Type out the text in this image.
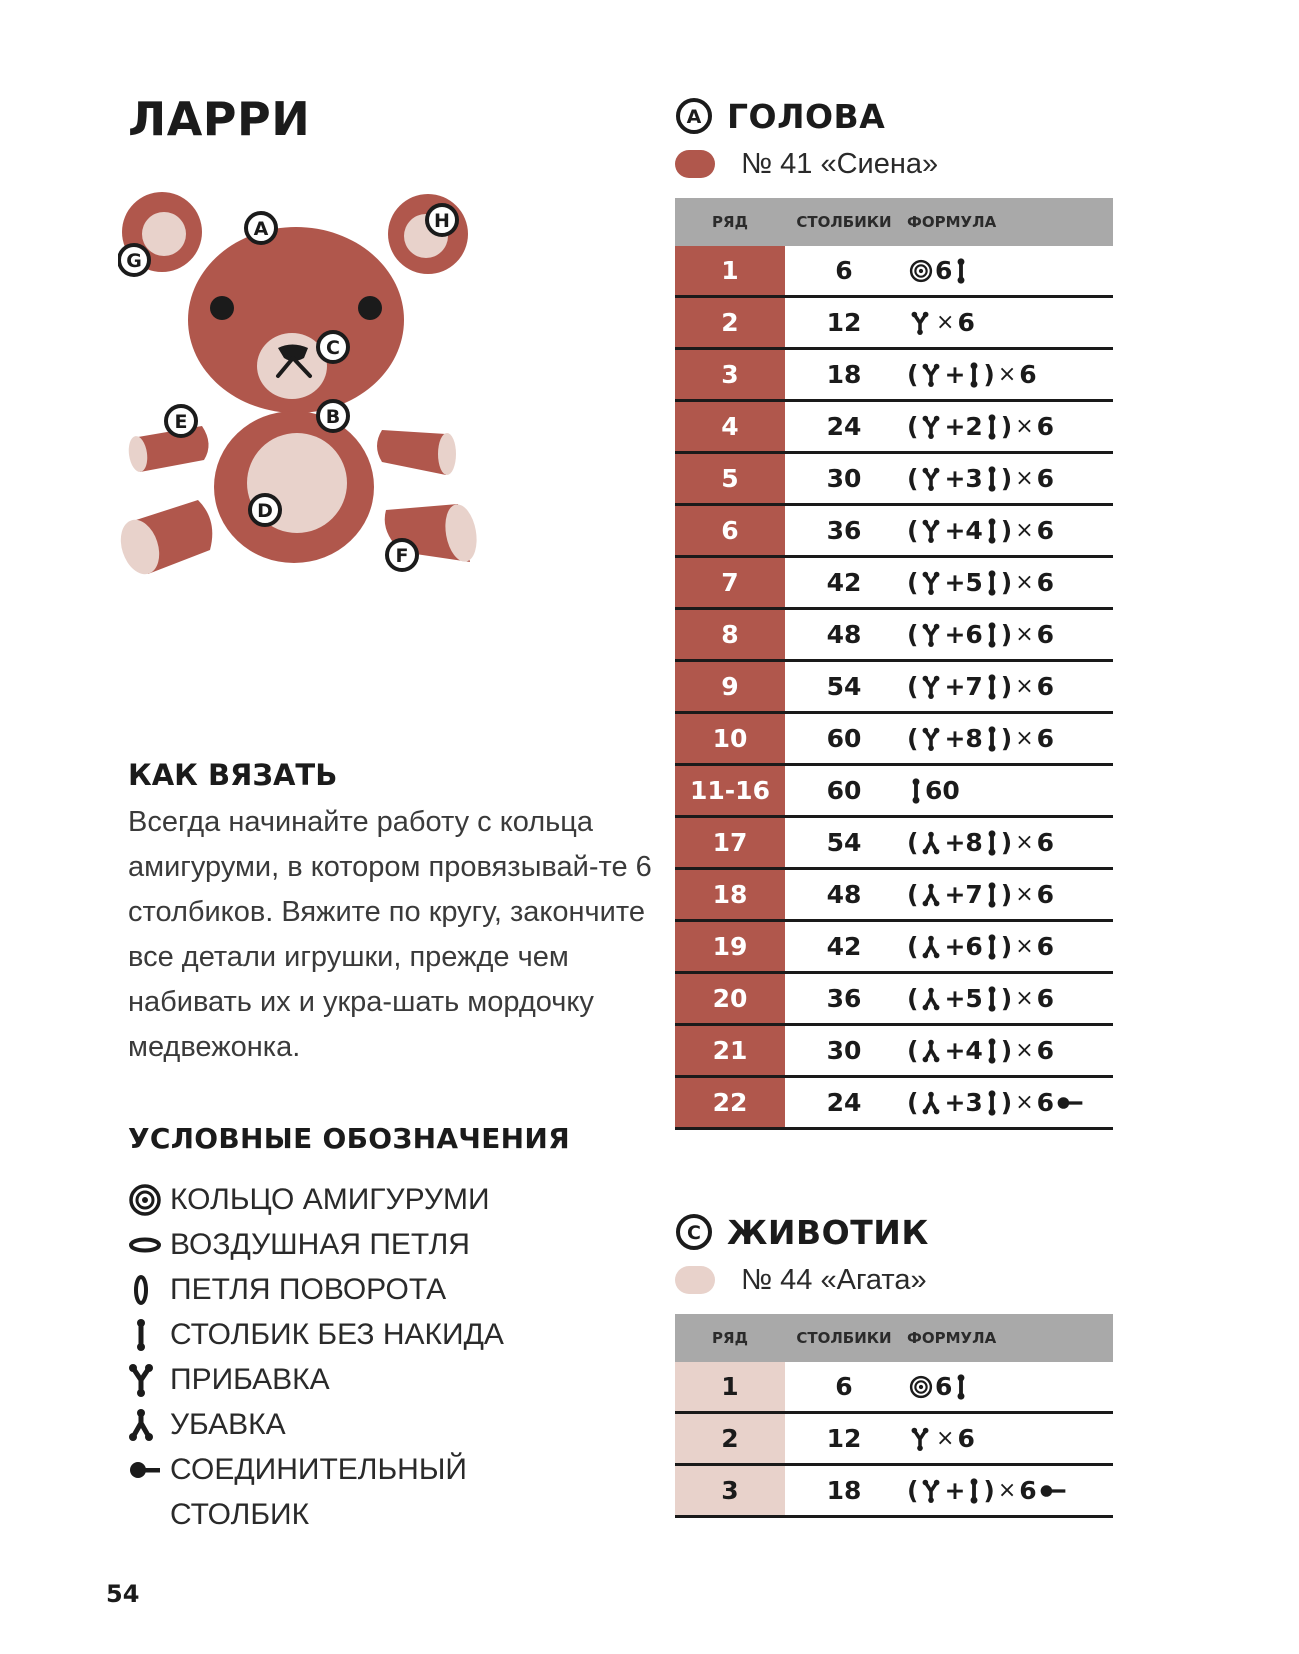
ЛАРРИ
A
B
C
D
E
F
G
H
КАК ВЯЗАТЬ

Всегда начинайте работу с кольца амигуруми, в котором провязывай-те 6 столбиков. Вяжите по кругу, закончите все детали игрушки, прежде чем набивать их и укра-шать мордочку медвежонка.

УСЛОВНЫЕ ОБОЗНАЧЕНИЯ
КОЛЬЦО АМИГУРУМИ
ВОЗДУШНАЯ ПЕТЛЯ
ПЕТЛЯ ПОВОРОТА
СТОЛБИК БЕЗ НАКИДА
ПРИБАВКА
УБАВКА
СОЕДИНИТЕЛЬНЫЙ СТОЛБИК
54
A ГОЛОВА
№ 41 «Сиена»
РЯД	СТОЛБИКИ	ФОРМУЛА
1	6	6
2	12	× 6
3	18	( + ) × 6
4	24	( +2 ) × 6
5	30	( +3 ) × 6
6	36	( +4 ) × 6
7	42	( +5 ) × 6
8	48	( +6 ) × 6
9	54	( +7 ) × 6
10	60	( +8 ) × 6
11-16	60	60
17	54	( +8 ) × 6
18	48	( +7 ) × 6
19	42	( +6 ) × 6
20	36	( +5 ) × 6
21	30	( +4 ) × 6
22	24	( +3 ) × 6
C ЖИВОТИК
№ 44 «Агата»
РЯД	СТОЛБИКИ	ФОРМУЛА
1	6	6
2	12	× 6
3	18	( + ) × 6
